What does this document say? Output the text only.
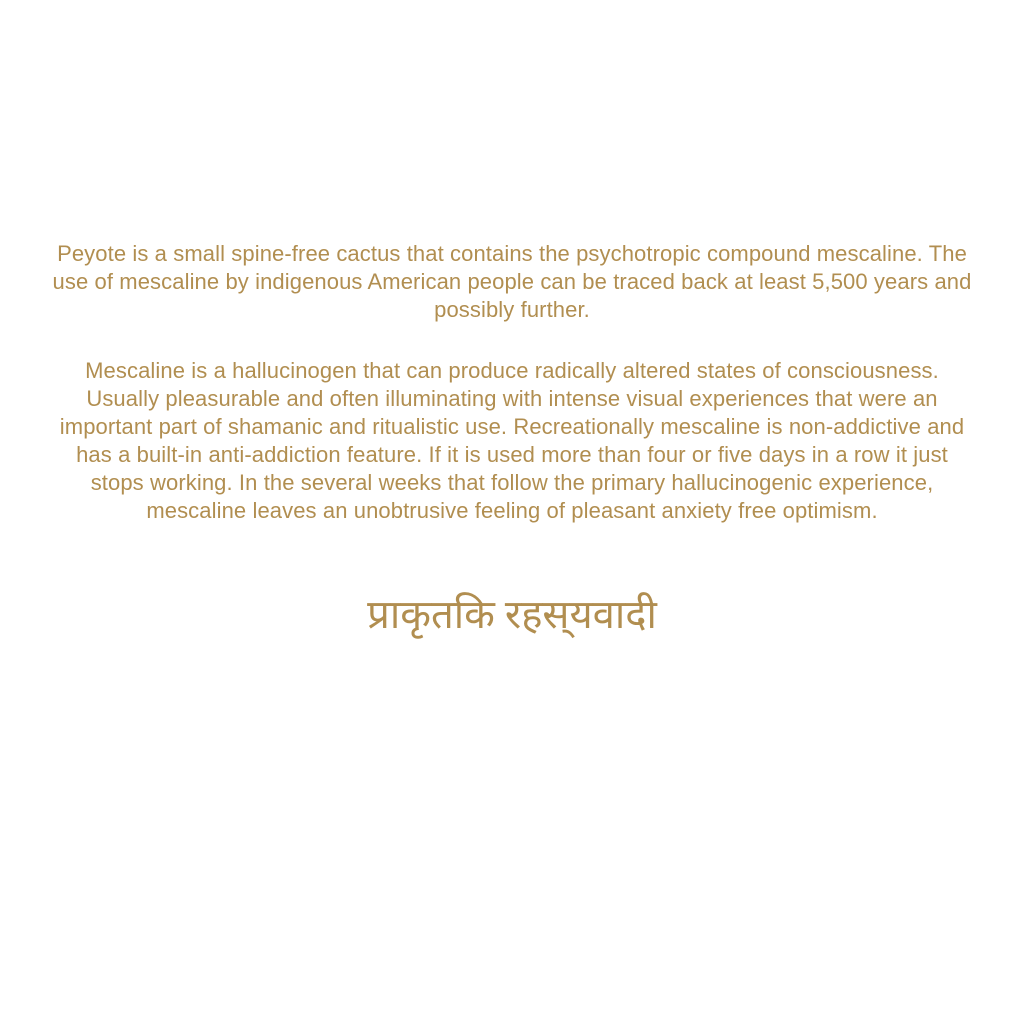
Peyote is a small spine-free cactus that contains the psychotropic compound mescaline. The use of mescaline by indigenous American people can be traced back at least 5,500 years and possibly further.

Mescaline is a hallucinogen that can produce radically altered states of consciousness. Usually pleasurable and often illuminating with intense visual experiences that were an important part of shamanic and ritualistic use. Recreationally mescaline is non-addictive and has a built-in anti-addiction feature. If it is used more than four or five days in a row it just stops working. In the several weeks that follow the primary hallucinogenic experience, mescaline leaves an unobtrusive feeling of pleasant anxiety free optimism.

प्राकृतकि रहस्‌यवादी
